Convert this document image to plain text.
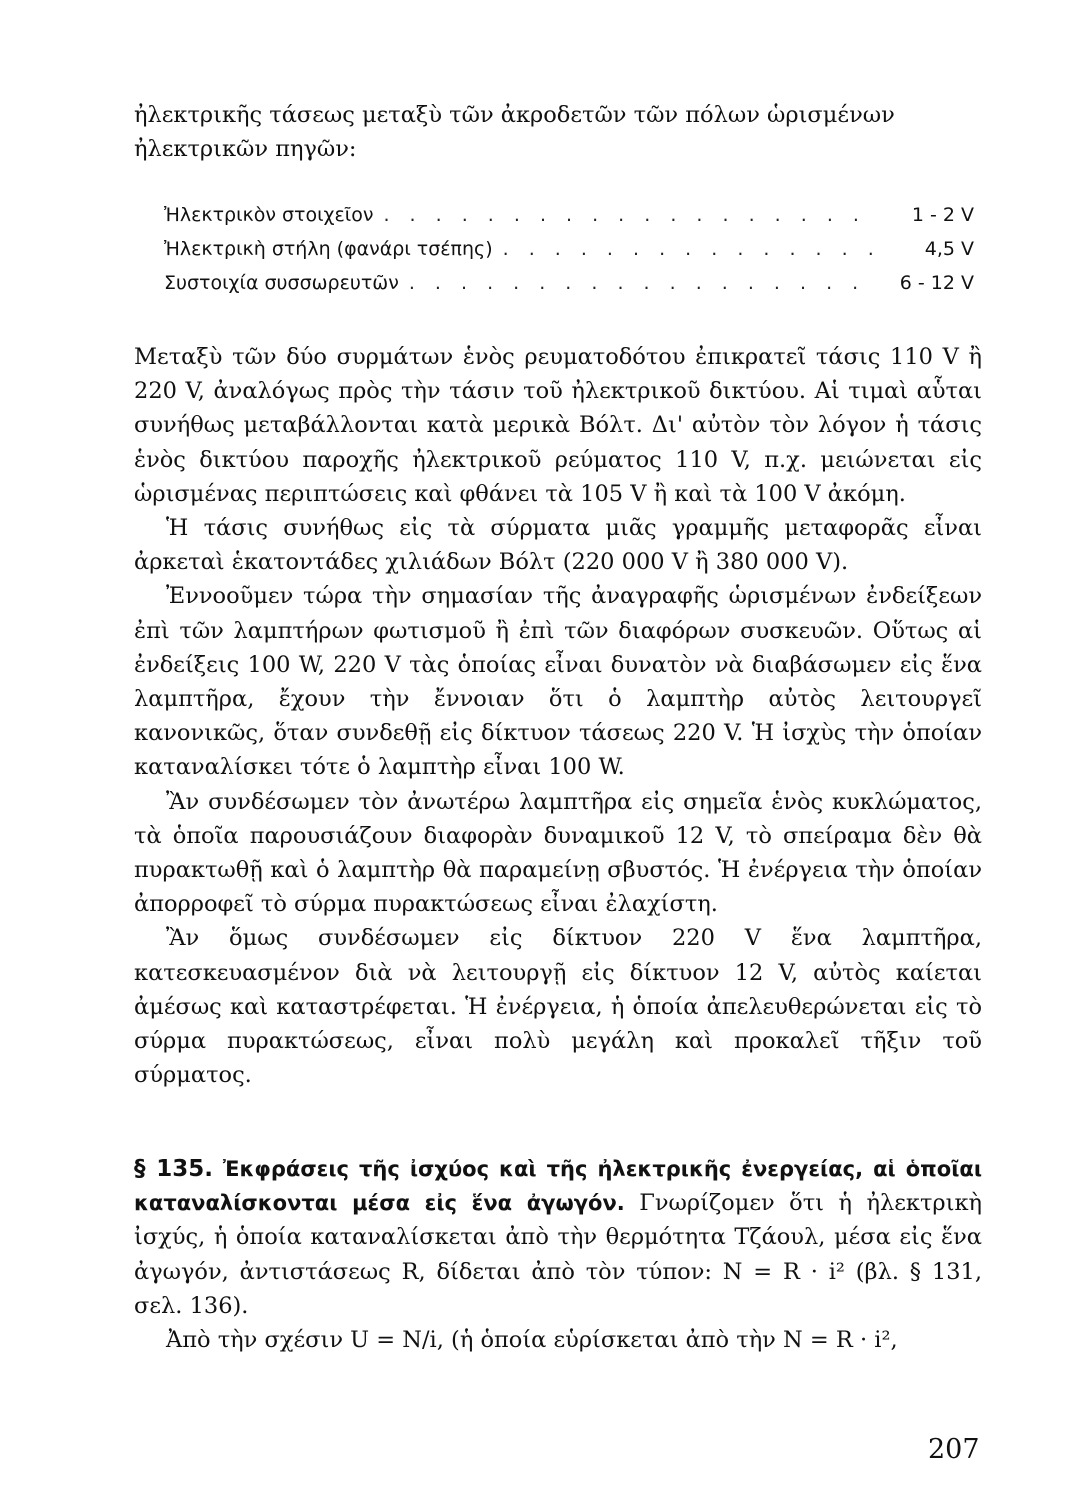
ἠλεκτρικῆς τάσεως μεταξὺ τῶν ἀκροδετῶν τῶν πόλων ὡρισμένων ἠλεκτρικῶν πηγῶν:

Ἠλεκτρικὸν στοιχεῖον . . .	1 - 2 V
Ἠλεκτρικὴ στήλη (φανάρι τσέπης) . . .	4,5 V
Συστοιχία συσσωρευτῶν . . .	6 - 12 V

Μεταξὺ τῶν δύο συρμάτων ἑνὸς ρευματοδότου ἐπικρατεῖ τάσις 110 V ἢ 220 V, ἀναλόγως πρὸς τὴν τάσιν τοῦ ἠλεκτρικοῦ δικτύου. Αἱ τιμαὶ αὗται συνήθως μεταβάλλονται κατὰ μερικὰ Βόλτ. Δι' αὐτὸν τὸν λόγον ἡ τάσις ἑνὸς δικτύου παροχῆς ἠλεκτρικοῦ ρεύματος 110 V, π.χ. μειώνεται εἰς ὡρισμένας περιπτώσεις καὶ φθάνει τὰ 105 V ἢ καὶ τὰ 100 V ἀκόμη.

Ἡ τάσις συνήθως εἰς τὰ σύρματα μιᾶς γραμμῆς μεταφορᾶς εἶναι ἀρκεταὶ ἑκατοντάδες χιλιάδων Βόλτ (220 000 V ἢ 380 000 V).

Ἐννοοῦμεν τώρα τὴν σημασίαν τῆς ἀναγραφῆς ὡρισμένων ἐνδείξεων ἐπὶ τῶν λαμπτήρων φωτισμοῦ ἢ ἐπὶ τῶν διαφόρων συσκευῶν. Οὕτως αἱ ἐνδείξεις 100 W, 220 V τὰς ὁποίας εἶναι δυνατὸν νὰ διαβάσωμεν εἰς ἕνα λαμπτῆρα, ἔχουν τὴν ἔννοιαν ὅτι ὁ λαμπτὴρ αὐτὸς λειτουργεῖ κανονικῶς, ὅταν συνδεθῇ εἰς δίκτυον τάσεως 220 V. Ἡ ἰσχὺς τὴν ὁποίαν καταναλίσκει τότε ὁ λαμπτὴρ εἶναι 100 W.

Ἂν συνδέσωμεν τὸν ἀνωτέρω λαμπτῆρα εἰς σημεῖα ἑνὸς κυκλώματος, τὰ ὁποῖα παρουσιάζουν διαφορὰν δυναμικοῦ 12 V, τὸ σπείραμα δὲν θὰ πυρακτωθῇ καὶ ὁ λαμπτὴρ θὰ παραμείνῃ σβυστός. Ἡ ἐνέργεια τὴν ὁποίαν ἀπορροφεῖ τὸ σύρμα πυρακτώσεως εἶναι ἐλαχίστη.

Ἂν ὅμως συνδέσωμεν εἰς δίκτυον 220 V ἕνα λαμπτῆρα, κατεσκευασμένον διὰ νὰ λειτουργῇ εἰς δίκτυον 12 V, αὐτὸς καίεται ἀμέσως καὶ καταστρέφεται. Ἡ ἐνέργεια, ἡ ὁποία ἀπελευθερώνεται εἰς τὸ σύρμα πυρακτώσεως, εἶναι πολὺ μεγάλη καὶ προκαλεῖ τῆξιν τοῦ σύρματος.

§ 135. Ἐκφράσεις τῆς ἰσχύος καὶ τῆς ἠλεκτρικῆς ἐνεργείας, αἱ ὁποῖαι καταναλίσκονται μέσα εἰς ἕνα ἀγωγόν. Γνωρίζομεν ὅτι ἡ ἠλεκτρικὴ ἰσχύς, ἡ ὁποία καταναλίσκεται ἀπὸ τὴν θερμότητα Τζάουλ, μέσα εἰς ἕνα ἀγωγόν, ἀντιστάσεως R, δίδεται ἀπὸ τὸν τύπον: N = R · i² (βλ. § 131, σελ. 136).

Ἀπὸ τὴν σχέσιν U = N/i, (ἡ ὁποία εὑρίσκεται ἀπὸ τὴν N = R · i²,

207
